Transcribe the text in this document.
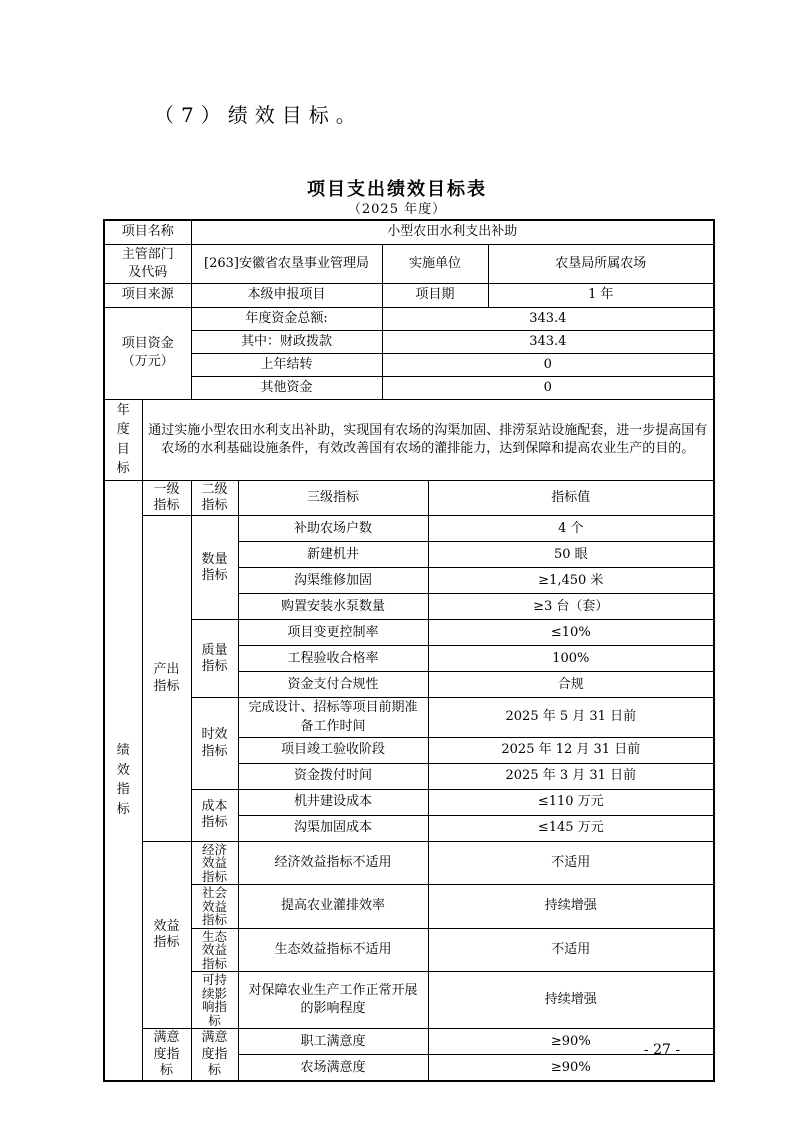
（7）绩效目标。

项目支出绩效目标表

（2025 年度）

项目名称		小型农田水利支出补助				
主管部门及代码		[263]安徽省农垦事业管理局		实施单位		农垦局所属农场
项目来源		本级申报项目		项目期		1 年
项目资金（万元）		年度资金总额:		343.4		
		其中：财政拨款		343.4		
		上年结转		0		
		其他资金		0		
年度目标	通过实施小型农田水利支出补助，实现国有农场的沟渠加固、排涝泵站设施配套，进一步提高国有农场的水利基础设施条件，有效改善国有农场的灌排能力，达到保障和提高农业生产的目的。					
绩效指标	一级指标	二级指标	三级指标		指标值	
	产出指标	数量指标	补助农场户数		4 个	
			新建机井		50 眼	
			沟渠维修加固		≥1,450 米	
			购置安装水泵数量		≥3 台（套）	
		质量指标	项目变更控制率		≤10%	
			工程验收合格率		100%	
			资金支付合规性		合规	
		时效指标	完成设计、招标等项目前期准备工作时间		2025 年 5 月 31 日前	
			项目竣工验收阶段		2025 年 12 月 31 日前	
			资金拨付时间		2025 年 3 月 31 日前	
		成本指标	机井建设成本		≤110 万元	
			沟渠加固成本		≤145 万元	
	效益指标	经济效益指标	经济效益指标不适用		不适用	
		社会效益指标	提高农业灌排效率		持续增强	
		生态效益指标	生态效益指标不适用		不适用	
		可持续影响指标	对保障农业生产工作正常开展的影响程度		持续增强	
	满意度指标	满意度指标	职工满意度		≥90%	
			农场满意度		≥90%	
- 27 -
